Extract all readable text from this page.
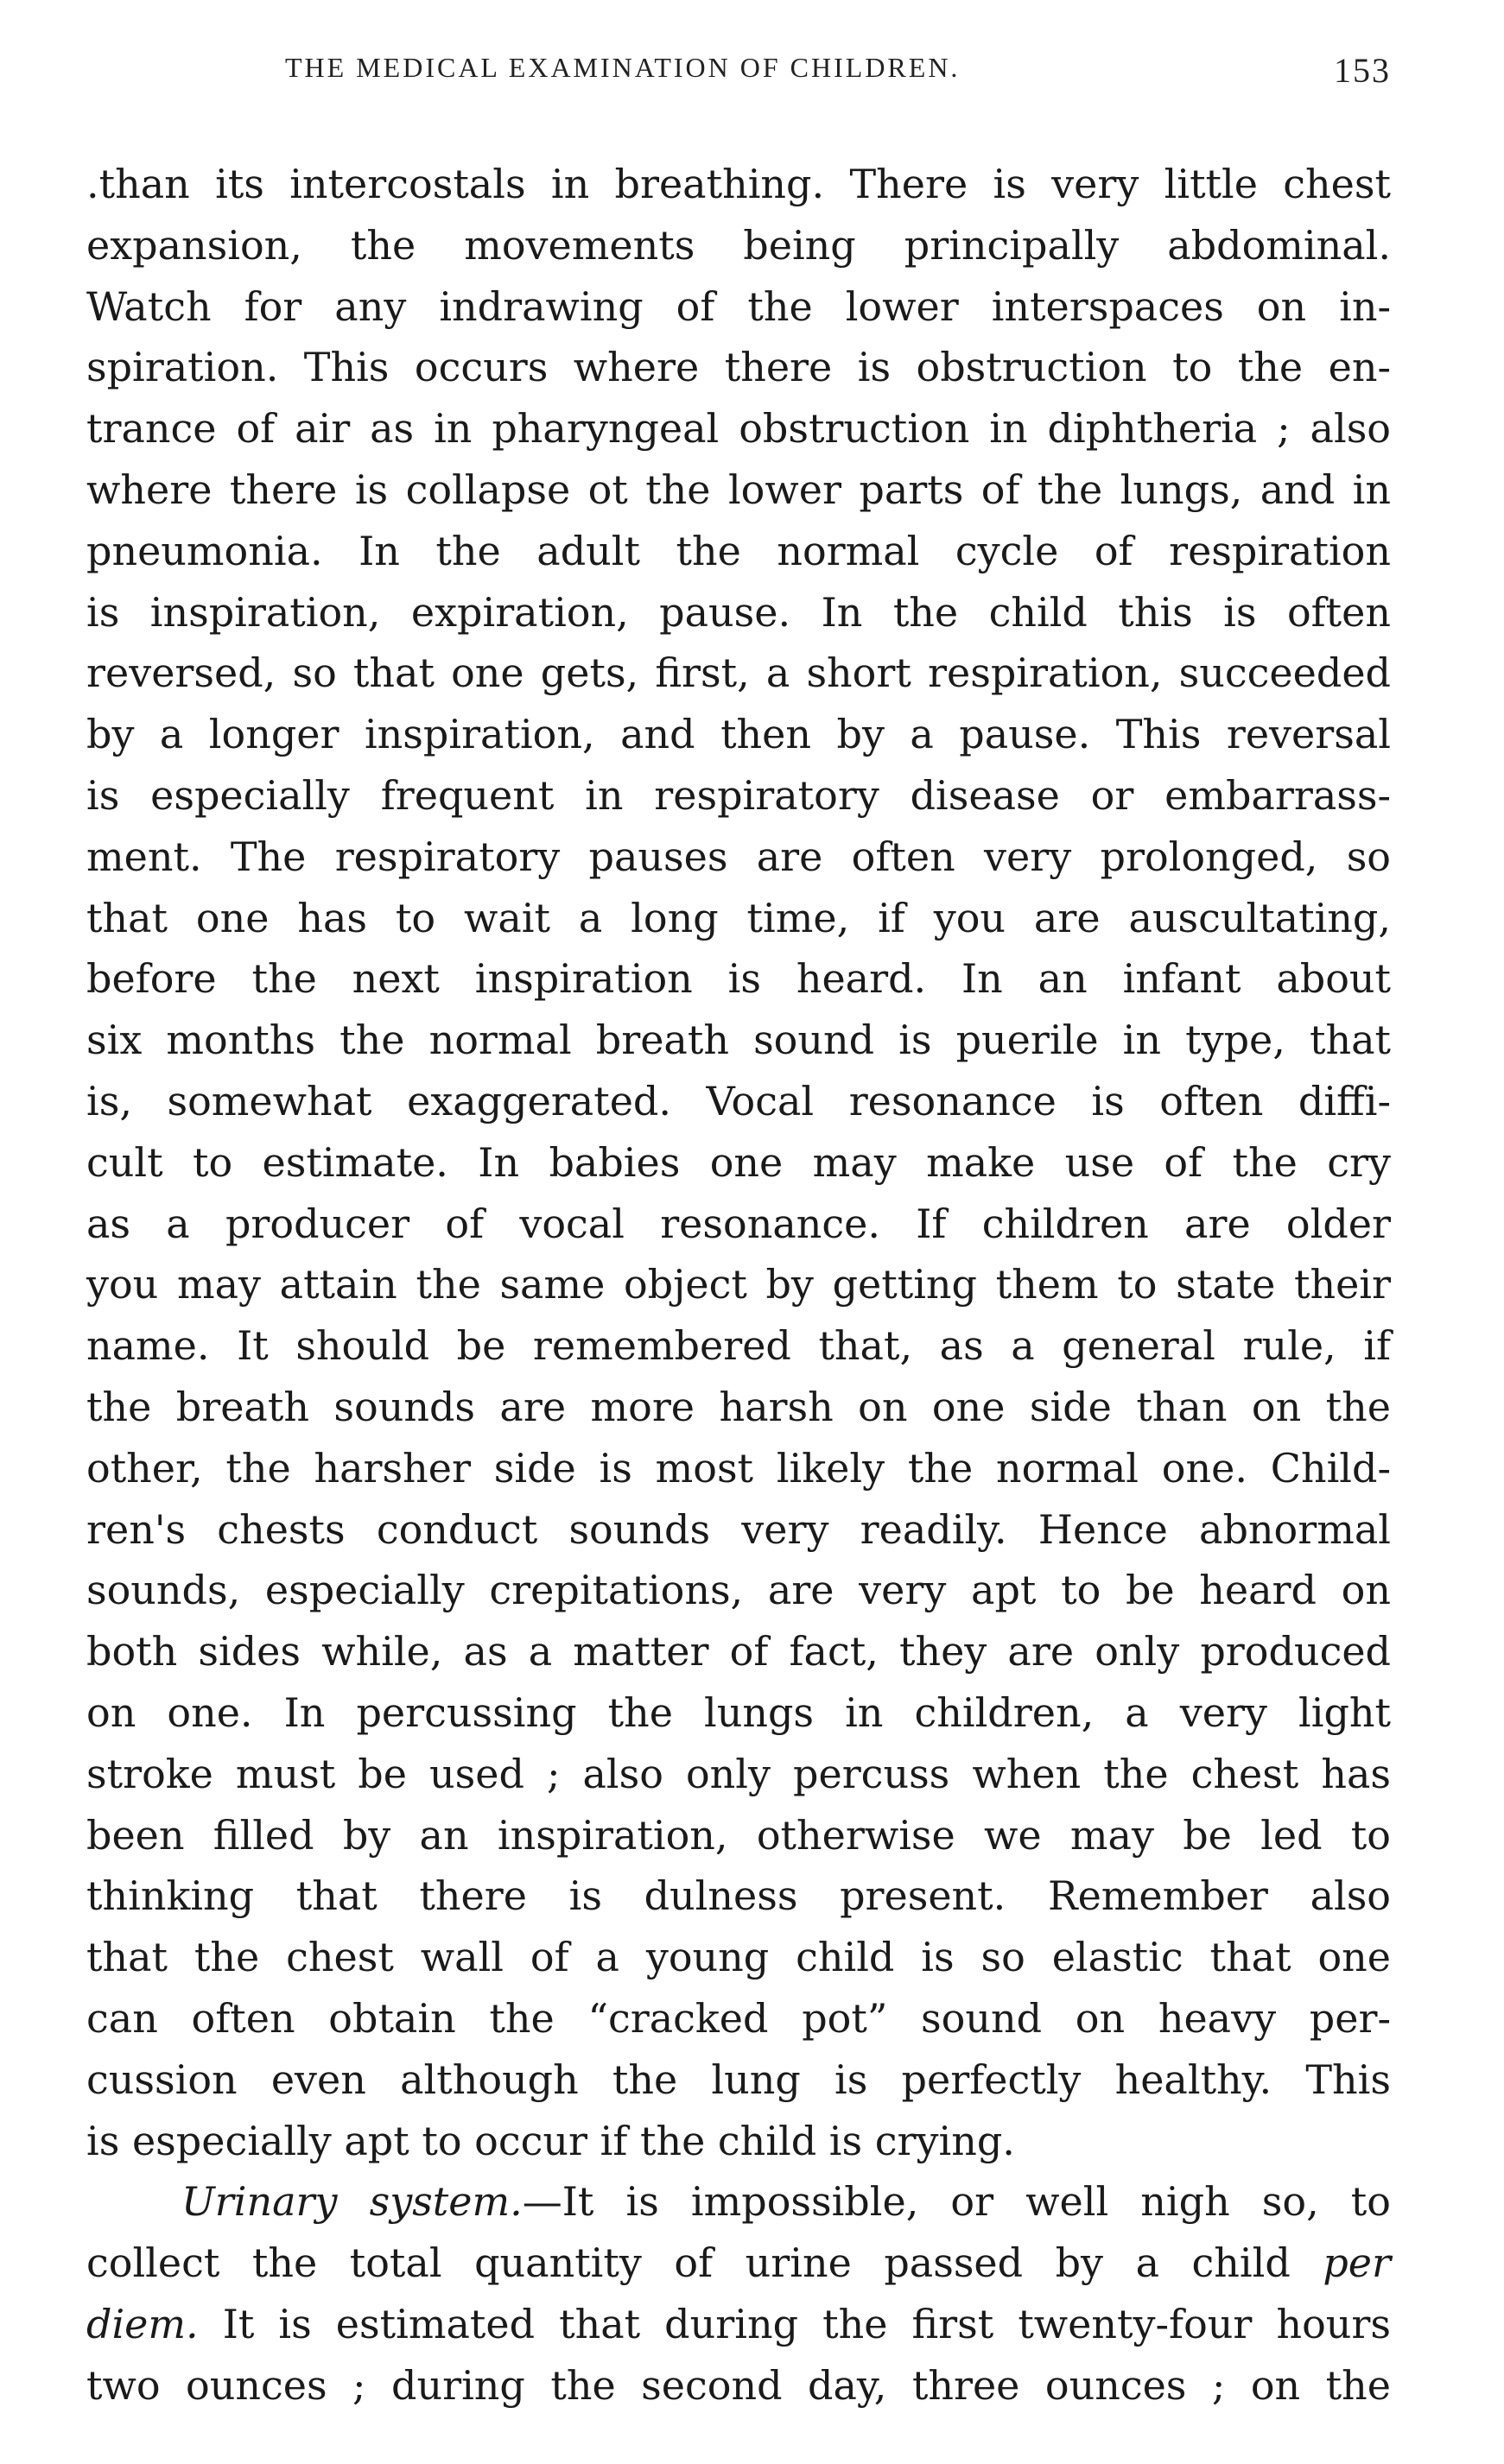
THE MEDICAL EXAMINATION OF CHILDREN.	153
.than its intercostals in breathing. There is very little chest
expansion, the movements being principally abdominal.
Watch for any indrawing of the lower interspaces on in-
spiration. This occurs where there is obstruction to the en-
trance of air as in pharyngeal obstruction in diphtheria ; also
where there is collapse ot the lower parts of the lungs, and in
pneumonia. In the adult the normal cycle of respiration
is inspiration, expiration, pause. In the child this is often
reversed, so that one gets, first, a short respiration, succeeded
by a longer inspiration, and then by a pause. This reversal
is especially frequent in respiratory disease or embarrass-
ment. The respiratory pauses are often very prolonged, so
that one has to wait a long time, if you are auscultating,
before the next inspiration is heard. In an infant about
six months the normal breath sound is puerile in type, that
is, somewhat exaggerated. Vocal resonance is often diffi-
cult to estimate. In babies one may make use of the cry
as a producer of vocal resonance. If children are older
you may attain the same object by getting them to state their
name. It should be remembered that, as a general rule, if
the breath sounds are more harsh on one side than on the
other, the harsher side is most likely the normal one. Child-
ren's chests conduct sounds very readily. Hence abnormal
sounds, especially crepitations, are very apt to be heard on
both sides while, as a matter of fact, they are only produced
on one. In percussing the lungs in children, a very light
stroke must be used ; also only percuss when the chest has
been filled by an inspiration, otherwise we may be led to
thinking that there is dulness present. Remember also
that the chest wall of a young child is so elastic that one
can often obtain the “cracked pot” sound on heavy per-
cussion even although the lung is perfectly healthy. This
is especially apt to occur if the child is crying.
Urinary system.—It is impossible, or well nigh so, to
collect the total quantity of urine passed by a child per
diem. It is estimated that during the first twenty-four hours
two ounces ; during the second day, three ounces ; on the
